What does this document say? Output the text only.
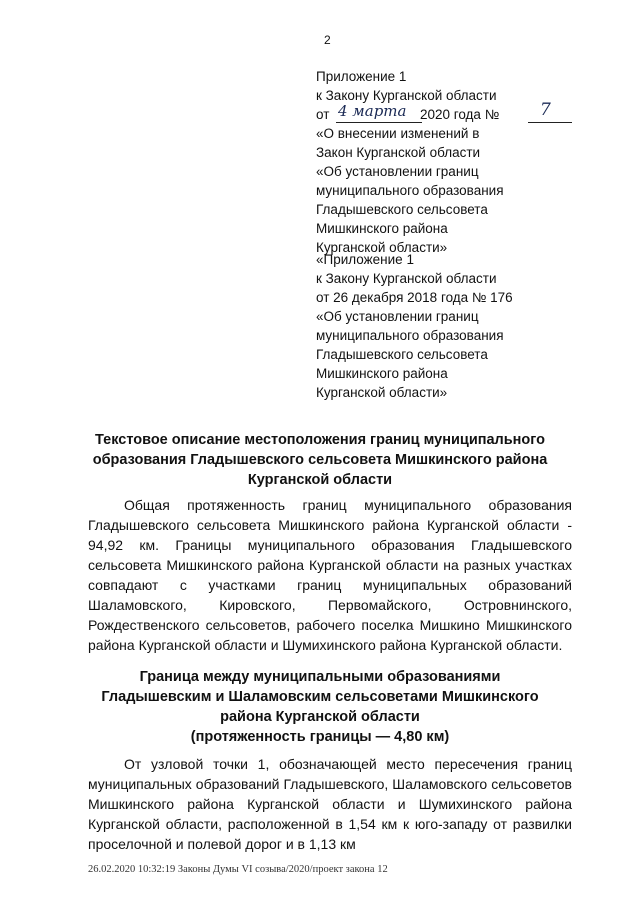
2
Приложение 1
к Закону Курганской области
от	2020 года №
4 марта	7
«О внесении изменений в
Закон Курганской области
«Об установлении границ
муниципального образования
Гладышевского сельсовета
Мишкинского района
Курганской области»
«Приложение 1
к Закону Курганской области
от 26 декабря 2018 года № 176
«Об установлении границ
муниципального образования
Гладышевского сельсовета
Мишкинского района
Курганской области»
Текстовое описание местоположения границ муниципального образования Гладышевского сельсовета Мишкинского района Курганской области
Общая протяженность границ муниципального образования Гладышевского сельсовета Мишкинского района Курганской области - 94,92 км. Границы муниципального образования Гладышевского сельсовета Мишкинского района Курганской области на разных участках совпадают с участками границ муниципальных образований Шаламовского, Кировского, Первомайского, Островнинского, Рождественского сельсоветов, рабочего поселка Мишкино Мишкинского района Курганской области и Шумихинского района Курганской области.
Граница между муниципальными образованиями Гладышевским и Шаламовским сельсоветами Мишкинского района Курганской области
(протяженность границы — 4,80 км)
От узловой точки 1, обозначающей место пересечения границ муниципальных образований Гладышевского, Шаламовского сельсоветов Мишкинского района Курганской области и Шумихинского района Курганской области, расположенной в 1,54 км к юго-западу от развилки проселочной и полевой дорог и в 1,13 км
26.02.2020 10:32:19 Законы Думы VI созыва/2020/проект закона 12
